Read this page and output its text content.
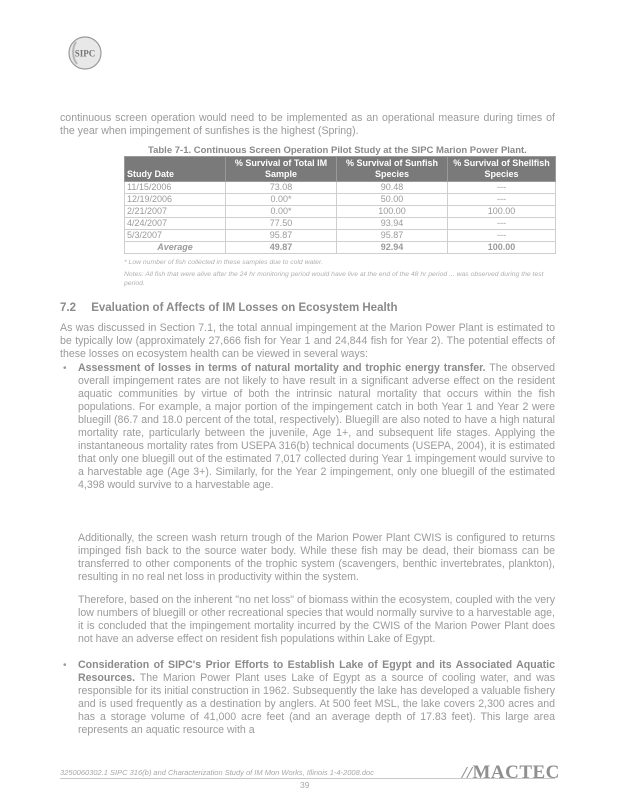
SIPC
continuous screen operation would need to be implemented as an operational measure during times of the year when impingement of sunfishes is the highest (Spring).
Table 7-1. Continuous Screen Operation Pilot Study at the SIPC Marion Power Plant.
Study Date	% Survival of Total IM Sample	% Survival of Sunfish Species	% Survival of Shellfish Species
11/15/2006	73.08	90.48	---
12/19/2006	0.00*	50.00	---
2/21/2007	0.00*	100.00	100.00
4/24/2007	77.50	93.94	---
5/3/2007	95.87	95.87	---
Average	49.87	92.94	100.00
* Low number of fish collected in these samples due to cold water.
Notes: All fish that were alive after the 24 hr monitoring period would have live at the end of the 48 hr period ... was observed during the test period.
7.2 Evaluation of Affects of IM Losses on Ecosystem Health
As was discussed in Section 7.1, the total annual impingement at the Marion Power Plant is estimated to be typically low (approximately 27,666 fish for Year 1 and 24,844 fish for Year 2). The potential effects of these losses on ecosystem health can be viewed in several ways:
• Assessment of losses in terms of natural mortality and trophic energy transfer. The observed overall impingement rates are not likely to have result in a significant adverse effect on the resident aquatic communities by virtue of both the intrinsic natural mortality that occurs within the fish populations. For example, a major portion of the impingement catch in both Year 1 and Year 2 were bluegill (86.7 and 18.0 percent of the total, respectively). Bluegill are also noted to have a high natural mortality rate, particularly between the juvenile, Age 1+, and subsequent life stages. Applying the instantaneous mortality rates from USEPA 316(b) technical documents (USEPA, 2004), it is estimated that only one bluegill out of the estimated 7,017 collected during Year 1 impingement would survive to a harvestable age (Age 3+). Similarly, for the Year 2 impingement, only one bluegill of the estimated 4,398 would survive to a harvestable age.
Additionally, the screen wash return trough of the Marion Power Plant CWIS is configured to returns impinged fish back to the source water body. While these fish may be dead, their biomass can be transferred to other components of the trophic system (scavengers, benthic invertebrates, plankton), resulting in no real net loss in productivity within the system.
Therefore, based on the inherent "no net loss" of biomass within the ecosystem, coupled with the very low numbers of bluegill or other recreational species that would normally survive to a harvestable age, it is concluded that the impingement mortality incurred by the CWIS of the Marion Power Plant does not have an adverse effect on resident fish populations within Lake of Egypt.
• Consideration of SIPC's Prior Efforts to Establish Lake of Egypt and its Associated Aquatic Resources. The Marion Power Plant uses Lake of Egypt as a source of cooling water, and was responsible for its initial construction in 1962. Subsequently the lake has developed a valuable fishery and is used frequently as a destination by anglers. At 500 feet MSL, the lake covers 2,300 acres and has a storage volume of 41,000 acre feet (and an average depth of 17.83 feet). This large area represents an aquatic resource with a
3250060302.1 SIPC 316(b) and Characterization Study of IM Mon Works, Illinois 1-4-2008.doc
39
//MACTEC
